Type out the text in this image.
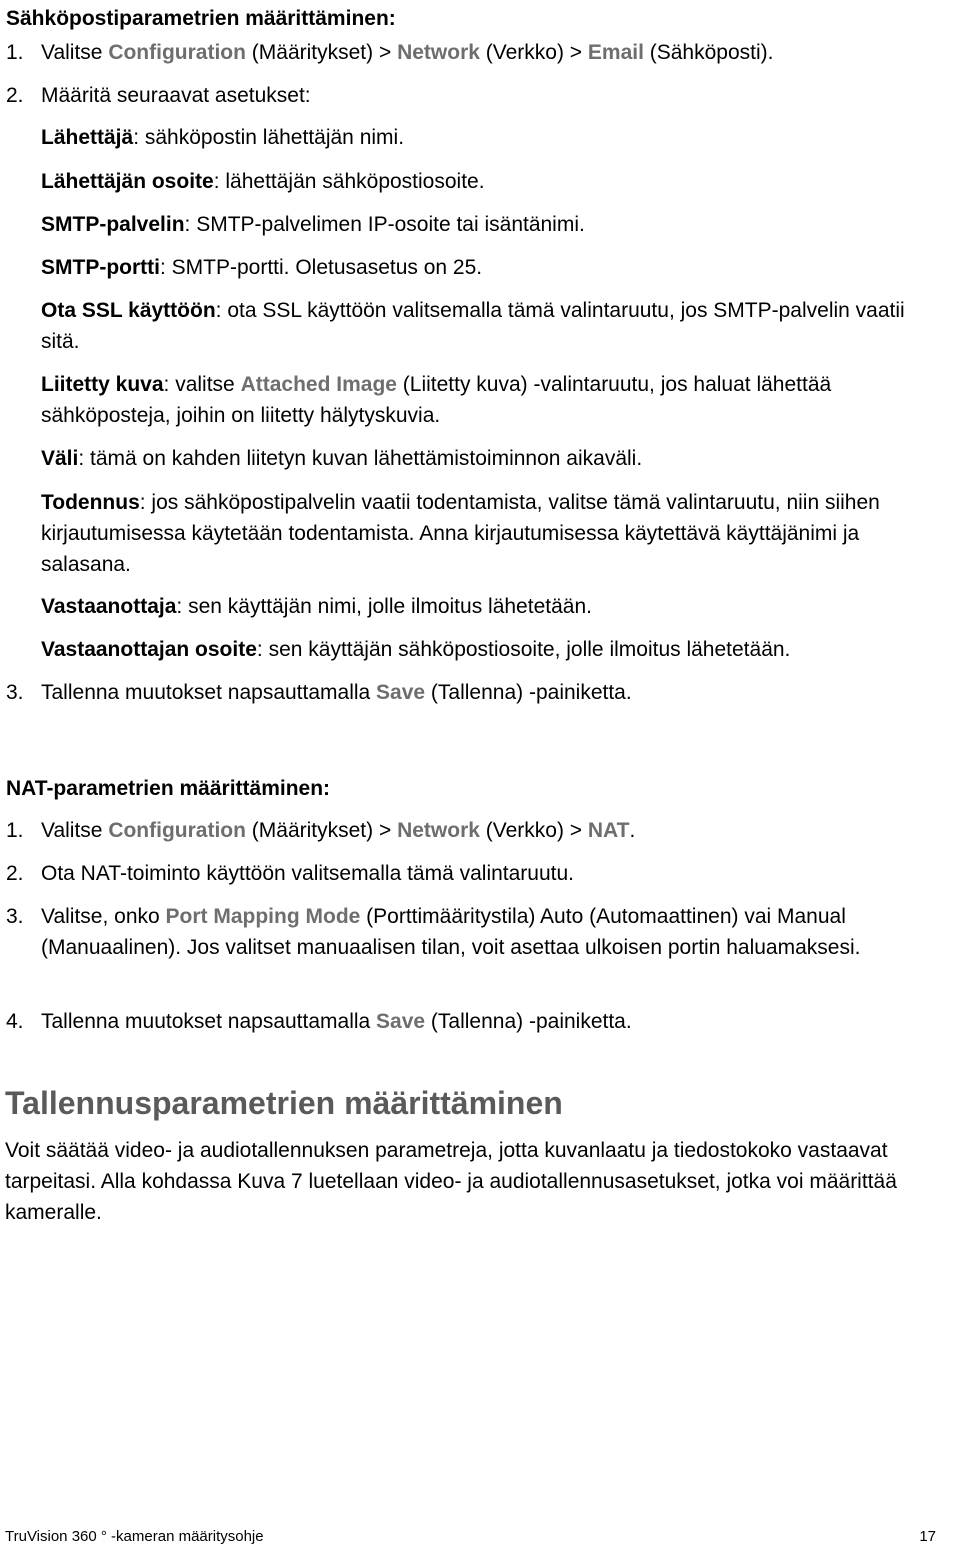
Sähköpostiparametrien määrittäminen:
1. Valitse Configuration (Määritykset) > Network (Verkko) > Email (Sähköposti).
2. Määritä seuraavat asetukset:
Lähettäjä: sähköpostin lähettäjän nimi.
Lähettäjän osoite: lähettäjän sähköpostiosoite.
SMTP-palvelin: SMTP-palvelimen IP-osoite tai isäntänimi.
SMTP-portti: SMTP-portti. Oletusasetus on 25.
Ota SSL käyttöön: ota SSL käyttöön valitsemalla tämä valintaruutu, jos SMTP-palvelin vaatii sitä.
Liitetty kuva: valitse Attached Image (Liitetty kuva) -valintaruutu, jos haluat lähettää sähköposteja, joihin on liitetty hälytyskuvia.
Väli: tämä on kahden liitetyn kuvan lähettämistoiminnon aikaväli.
Todennus: jos sähköpostipalvelin vaatii todentamista, valitse tämä valintaruutu, niin siihen kirjautumisessa käytetään todentamista. Anna kirjautumisessa käytettävä käyttäjänimi ja salasana.
Vastaanottaja: sen käyttäjän nimi, jolle ilmoitus lähetetään.
Vastaanottajan osoite: sen käyttäjän sähköpostiosoite, jolle ilmoitus lähetetään.
3. Tallenna muutokset napsauttamalla Save (Tallenna) -painiketta.
NAT-parametrien määrittäminen:
1. Valitse Configuration (Määritykset) > Network (Verkko) > NAT.
2. Ota NAT-toiminto käyttöön valitsemalla tämä valintaruutu.
3. Valitse, onko Port Mapping Mode (Porttimääritystila) Auto (Automaattinen) vai Manual (Manuaalinen). Jos valitset manuaalisen tilan, voit asettaa ulkoisen portin haluamaksesi.
4. Tallenna muutokset napsauttamalla Save (Tallenna) -painiketta.
Tallennusparametrien määrittäminen

Voit säätää video- ja audiotallennuksen parametreja, jotta kuvanlaatu ja tiedostokoko vastaavat tarpeitasi. Alla kohdassa Kuva 7 luetellaan video- ja audiotallennusasetukset, jotka voi määrittää kameralle.

TruVision 360 ° -kameran määritysohje	17
